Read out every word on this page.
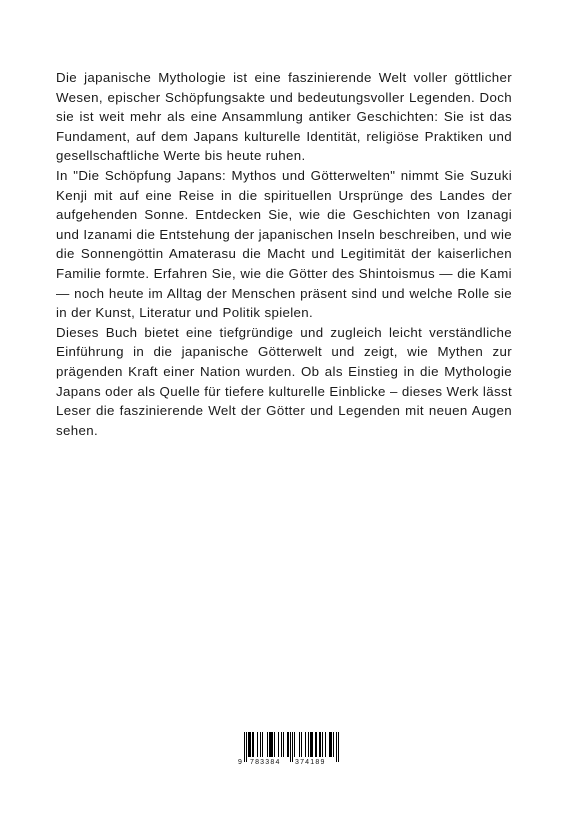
Die japanische Mythologie ist eine faszinierende Welt voller göttlicher Wesen, epischer Schöpfungsakte und bedeutungsvoller Legenden. Doch sie ist weit mehr als eine Ansammlung antiker Geschichten: Sie ist das Fundament, auf dem Japans kulturelle Identität, religiöse Praktiken und gesellschaftliche Werte bis heute ruhen.

In "Die Schöpfung Japans: Mythos und Götterwelten" nimmt Sie Suzuki Kenji mit auf eine Reise in die spirituellen Ursprünge des Landes der aufgehenden Sonne. Entdecken Sie, wie die Geschichten von Izanagi und Izanami die Entstehung der japanischen Inseln beschreiben, und wie die Sonnengöttin Amaterasu die Macht und Legitimität der kaiserlichen Familie formte. Erfahren Sie, wie die Götter des Shintoismus — die Kami — noch heute im Alltag der Menschen präsent sind und welche Rolle sie in der Kunst, Literatur und Politik spielen.

Dieses Buch bietet eine tiefgründige und zugleich leicht verständliche Einführung in die japanische Götterwelt und zeigt, wie Mythen zur prägenden Kraft einer Nation wurden. Ob als Einstieg in die Mythologie Japans oder als Quelle für tiefere kulturelle Einblicke – dieses Werk lässt Leser die faszinierende Welt der Götter und Legenden mit neuen Augen sehen.

9 783384 374189
